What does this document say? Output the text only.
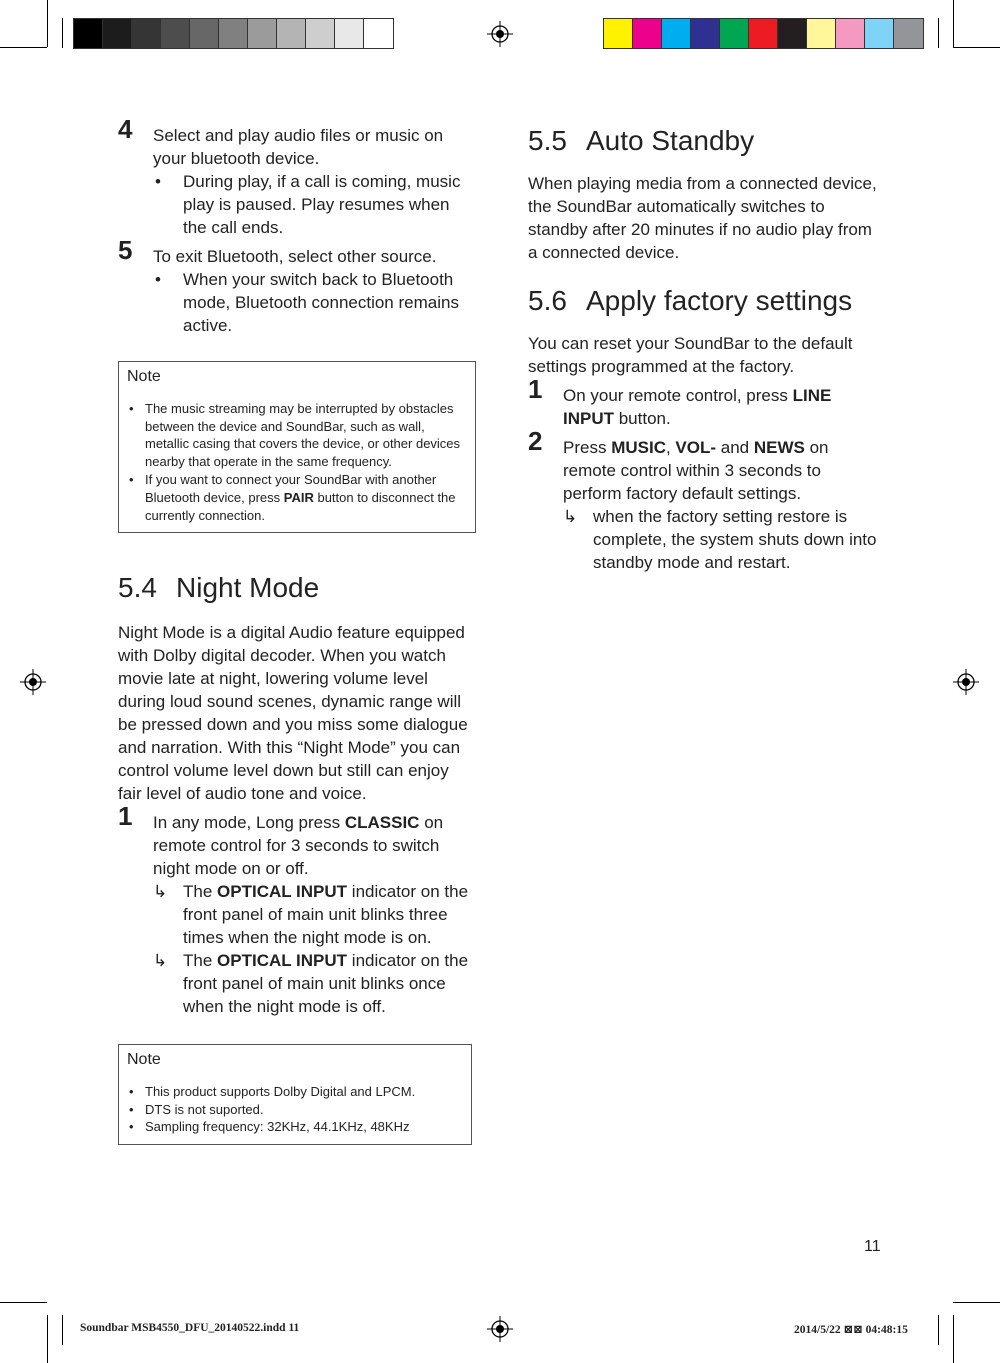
4 Select and play audio files or music on your bluetooth device.
• During play, if a call is coming, music play is paused. Play resumes when the call ends.
5 To exit Bluetooth, select other source.
• When your switch back to Bluetooth mode, Bluetooth connection remains active.
Note
• The music streaming may be interrupted by obstacles between the device and SoundBar, such as wall, metallic casing that covers the device, or other devices nearby that operate in the same frequency.
• If you want to connect your SoundBar with another Bluetooth device, press PAIR button to disconnect the currently connection.
5.4 Night Mode
Night Mode is a digital Audio feature equipped with Dolby digital decoder. When you watch movie late at night, lowering volume level during loud sound scenes, dynamic range will be pressed down and you miss some dialogue and narration. With this “Night Mode” you can control volume level down but still can enjoy fair level of audio tone and voice.
1 In any mode, Long press CLASSIC on remote control for 3 seconds to switch night mode on or off.
↳ The OPTICAL INPUT indicator on the front panel of main unit blinks three times when the night mode is on.
↳ The OPTICAL INPUT indicator on the front panel of main unit blinks once when the night mode is off.
Note
• This product supports Dolby Digital and LPCM.
• DTS is not suported.
• Sampling frequency: 32KHz, 44.1KHz, 48KHz
5.5 Auto Standby
When playing media from a connected device, the SoundBar automatically switches to standby after 20 minutes if no audio play from a connected device.
5.6 Apply factory settings
You can reset your SoundBar to the default settings programmed at the factory.
1 On your remote control, press LINE INPUT button.
2 Press MUSIC, VOL- and NEWS on remote control within 3 seconds to perform factory default settings.
↳ when the factory setting restore is complete, the system shuts down into standby mode and restart.
11
Soundbar MSB4550_DFU_20140522.indd 11	2014/5/22 ⊠⊠ 04:48:15
